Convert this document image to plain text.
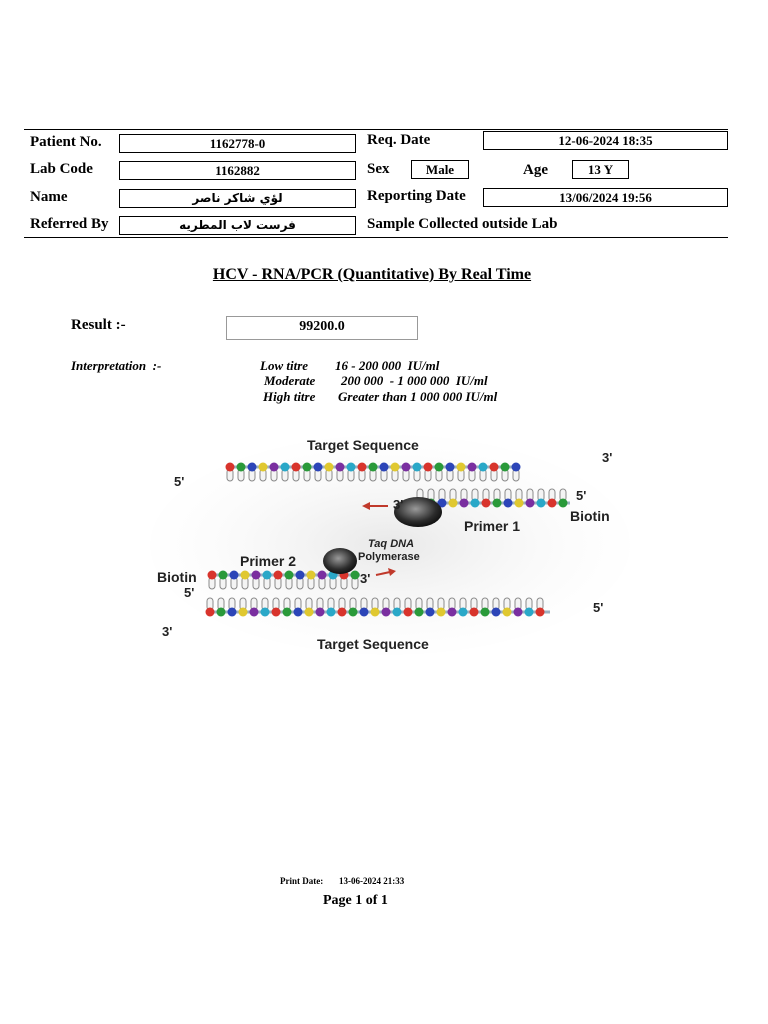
Patient No.	1162778-0	Req. Date	12-06-2024 18:35
Lab Code	1162882	Sex	Male	Age	13 Y
Name	لؤي شاكر ناصر	Reporting Date	13/06/2024 19:56
Referred By	فرست لاب المطريه	Sample Collected outside Lab
HCV - RNA/PCR (Quantitative) By Real Time
Result :-	99200.0
Interpretation  :-	Low titre 16 - 200 000  IU/ml
Moderate 200 000  - 1 000 000  IU/ml
High titre Greater than 1 000 000 IU/ml
Target Sequence
Target Sequence
Primer 1
Primer 2
Taq DNA
Polymerase
Biotin
Biotin
5'
3'
3'
5'
3'
5'
5'
3'
Print Date: 13-06-2024 21:33
Page 1 of 1
